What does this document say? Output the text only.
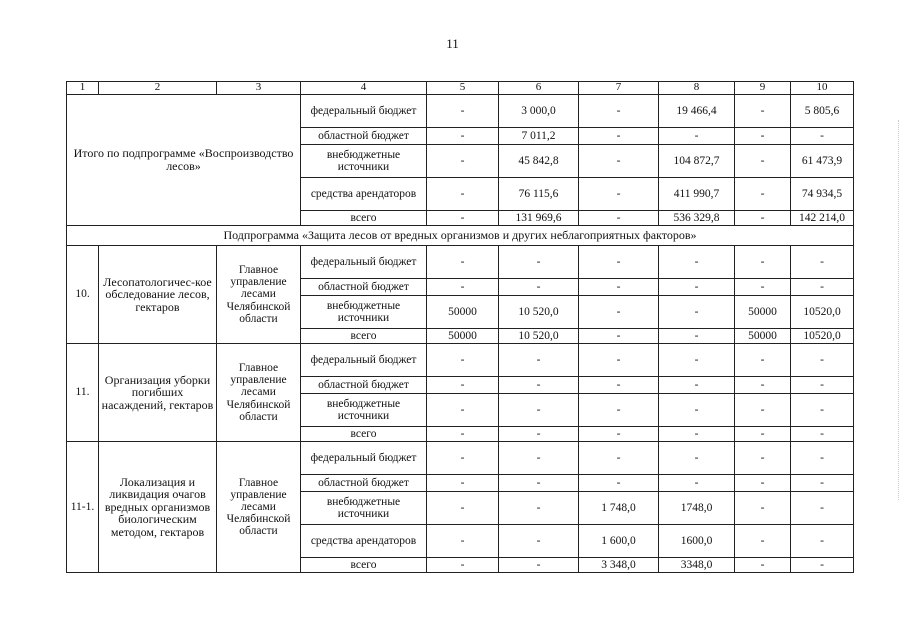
11
1	2	3	4	5	6	7	8	9	10
Итого по подпрограмме «Воспроизводство лесов»			федеральный бюджет	-	3 000,0	-	19 466,4	-	5 805,6
			областной бюджет	-	7 011,2	-	-	-	-
			внебюджетные источники	-	45 842,8	-	104 872,7	-	61 473,9
			средства арендаторов	-	76 115,6	-	411 990,7	-	74 934,5
			всего	-	131 969,6	-	536 329,8	-	142 214,0
Подпрограмма «Защита лесов от вредных организмов и других неблагоприятных факторов»									
10.	Лесопатологичес-кое обследование лесов, гектаров	Главное управление лесами Челябинской области	федеральный бюджет	-	-	-	-	-	-
			областной бюджет	-	-	-	-	-	-
			внебюджетные источники	50000	10 520,0	-	-	50000	10520,0
			всего	50000	10 520,0	-	-	50000	10520,0
11.	Организация уборки погибших насаждений, гектаров	Главное управление лесами Челябинской области	федеральный бюджет	-	-	-	-	-	-
			областной бюджет	-	-	-	-	-	-
			внебюджетные источники	-	-	-	-	-	-
			всего	-	-	-	-	-	-
11-1.	Локализация и ликвидация очагов вредных организмов биологическим методом, гектаров	Главное управление лесами Челябинской области	федеральный бюджет	-	-	-	-	-	-
			областной бюджет	-	-	-	-	-	-
			внебюджетные источники	-	-	1 748,0	1748,0	-	-
			средства арендаторов	-	-	1 600,0	1600,0	-	-
			всего	-	-	3 348,0	3348,0	-	-
